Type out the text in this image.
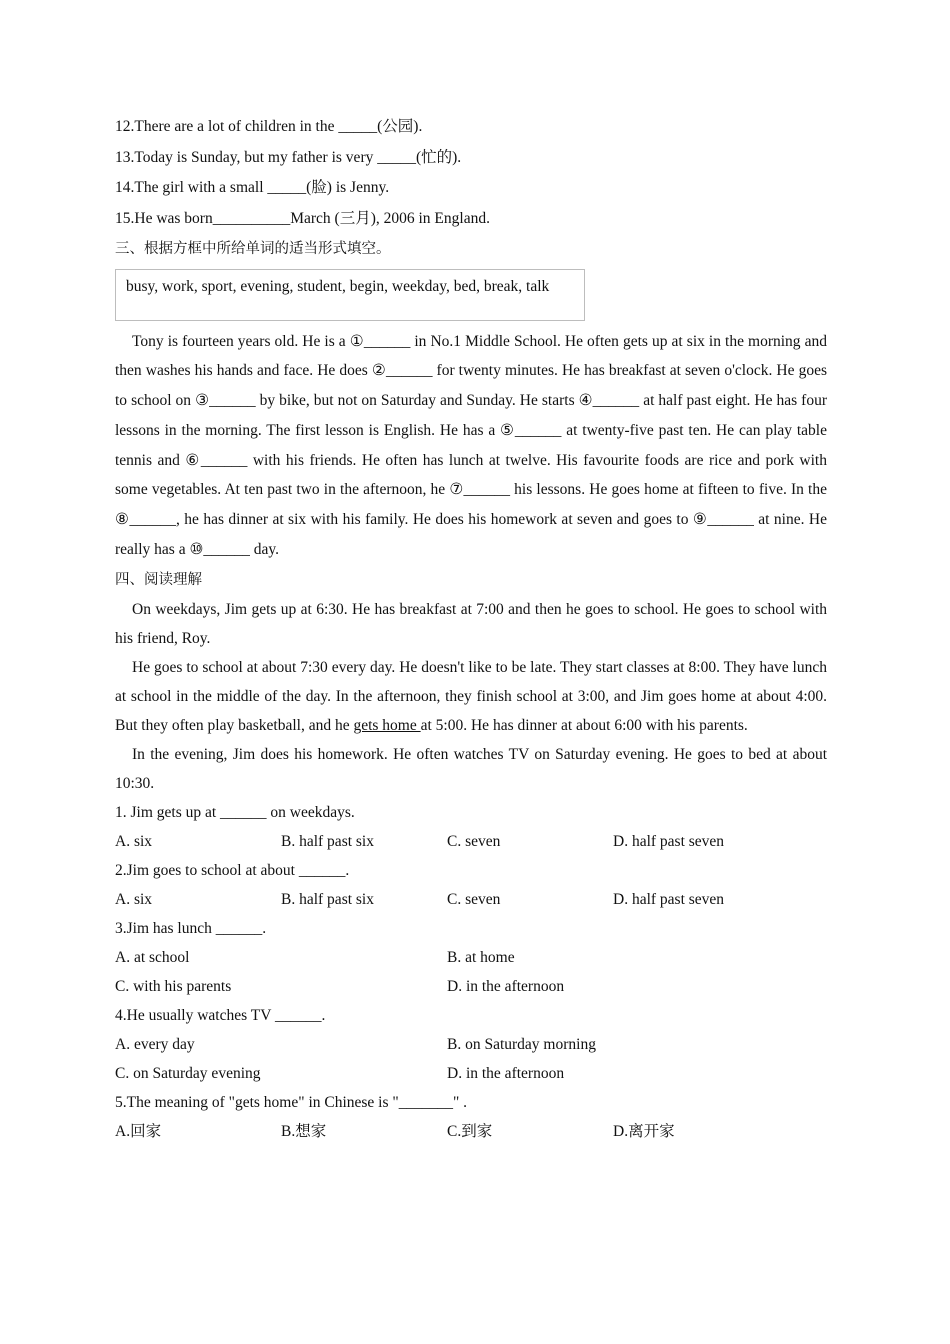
12.There are a lot of children in the _____(公园).
13.Today is Sunday, but my father is very _____(忙的).
14.The girl with a small _____(脸) is Jenny.
15.He was born__________March (三月), 2006 in England.
三、根据方框中所给单词的适当形式填空。
busy, work, sport, evening, student, begin, weekday, bed, break, talk

Tony is fourteen years old. He is a ①______ in No.1 Middle School. He often gets up at six in the morning and then washes his hands and face. He does ②______ for twenty minutes. He has breakfast at seven o'clock. He goes to school on ③______ by bike, but not on Saturday and Sunday. He starts ④______ at half past eight. He has four lessons in the morning. The first lesson is English. He has a ⑤______ at twenty-five past ten. He can play table tennis and ⑥______ with his friends. He often has lunch at twelve. His favourite foods are rice and pork with some vegetables. At ten past two in the afternoon, he ⑦______ his lessons. He goes home at fifteen to five. In the ⑧______, he has dinner at six with his family. He does his homework at seven and goes to ⑨______ at nine. He really has a ⑩______ day.

四、阅读理解

On weekdays, Jim gets up at 6:30. He has breakfast at 7:00 and then he goes to school. He goes to school with his friend, Roy.

He goes to school at about 7:30 every day. He doesn't like to be late. They start classes at 8:00. They have lunch at school in the middle of the day. In the afternoon, they finish school at 3:00, and Jim goes home at about 4:00. But they often play basketball, and he gets home at 5:00. He has dinner at about 6:00 with his parents.

In the evening, Jim does his homework. He often watches TV on Saturday evening. He goes to bed at about 10:30.

1. Jim gets up at ______ on weekdays.
A. six	B. half past six	C. seven	D. half past seven
2.Jim goes to school at about ______.
A. six	B. half past six	C. seven	D. half past seven
3.Jim has lunch ______.
A. at school	B. at home
C. with his parents	D. in the afternoon
4.He usually watches TV ______.
A. every day	B. on Saturday morning
C. on Saturday evening	D. in the afternoon
5.The meaning of "gets home" in Chinese is "_______" .
A.回家	B.想家	C.到家	D.离开家
